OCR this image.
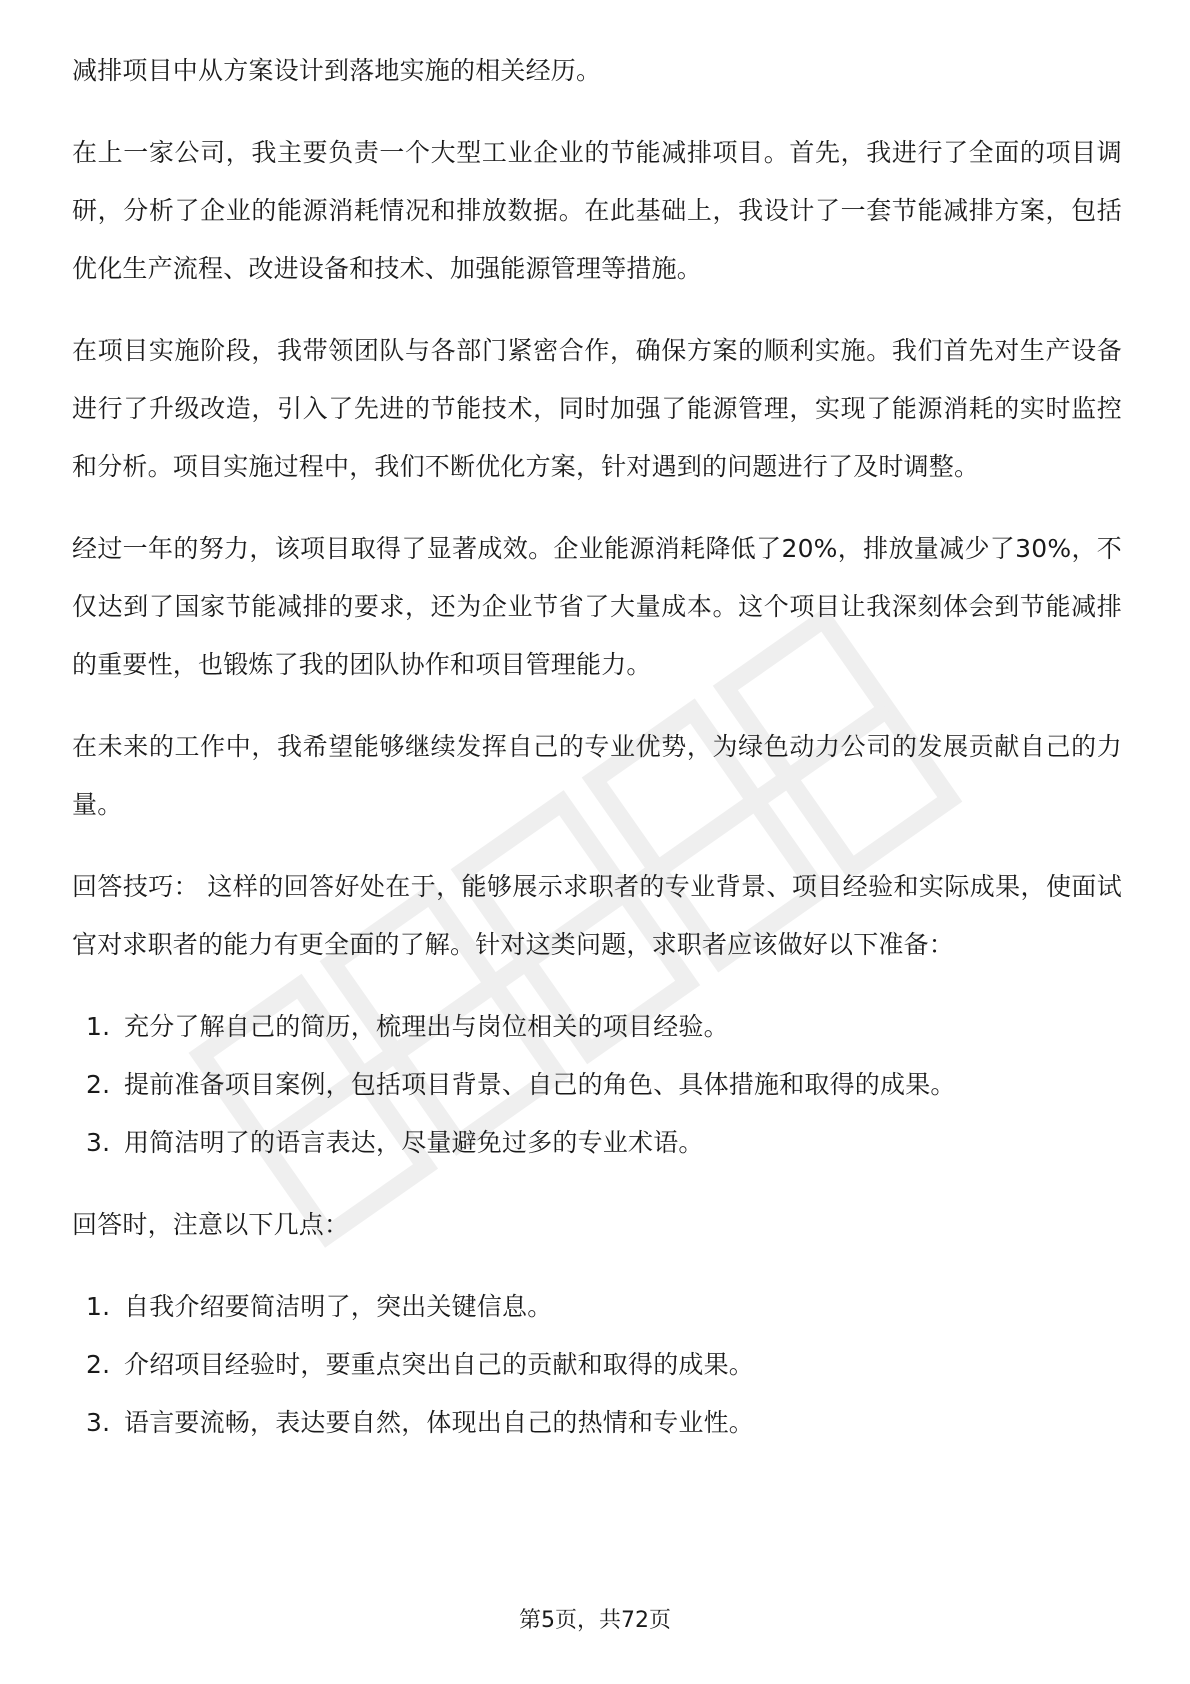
减排项目中从方案设计到落地实施的相关经历。

在上一家公司，我主要负责一个大型工业企业的节能减排项目。首先，我进行了全面的项目调研，分析了企业的能源消耗情况和排放数据。在此基础上，我设计了一套节能减排方案，包括优化生产流程、改进设备和技术、加强能源管理等措施。

在项目实施阶段，我带领团队与各部门紧密合作，确保方案的顺利实施。我们首先对生产设备进行了升级改造，引入了先进的节能技术，同时加强了能源管理，实现了能源消耗的实时监控和分析。项目实施过程中，我们不断优化方案，针对遇到的问题进行了及时调整。

经过一年的努力，该项目取得了显著成效。企业能源消耗降低了20%，排放量减少了30%，不仅达到了国家节能减排的要求，还为企业节省了大量成本。这个项目让我深刻体会到节能减排的重要性，也锻炼了我的团队协作和项目管理能力。

在未来的工作中，我希望能够继续发挥自己的专业优势，为绿色动力公司的发展贡献自己的力量。

回答技巧： 这样的回答好处在于，能够展示求职者的专业背景、项目经验和实际成果，使面试官对求职者的能力有更全面的了解。针对这类问题，求职者应该做好以下准备：

1. 充分了解自己的简历，梳理出与岗位相关的项目经验。
2. 提前准备项目案例，包括项目背景、自己的角色、具体措施和取得的成果。
3. 用简洁明了的语言表达，尽量避免过多的专业术语。

回答时，注意以下几点：

1. 自我介绍要简洁明了，突出关键信息。
2. 介绍项目经验时，要重点突出自己的贡献和取得的成果。
3. 语言要流畅，表达要自然，体现出自己的热情和专业性。
第5页，共72页
